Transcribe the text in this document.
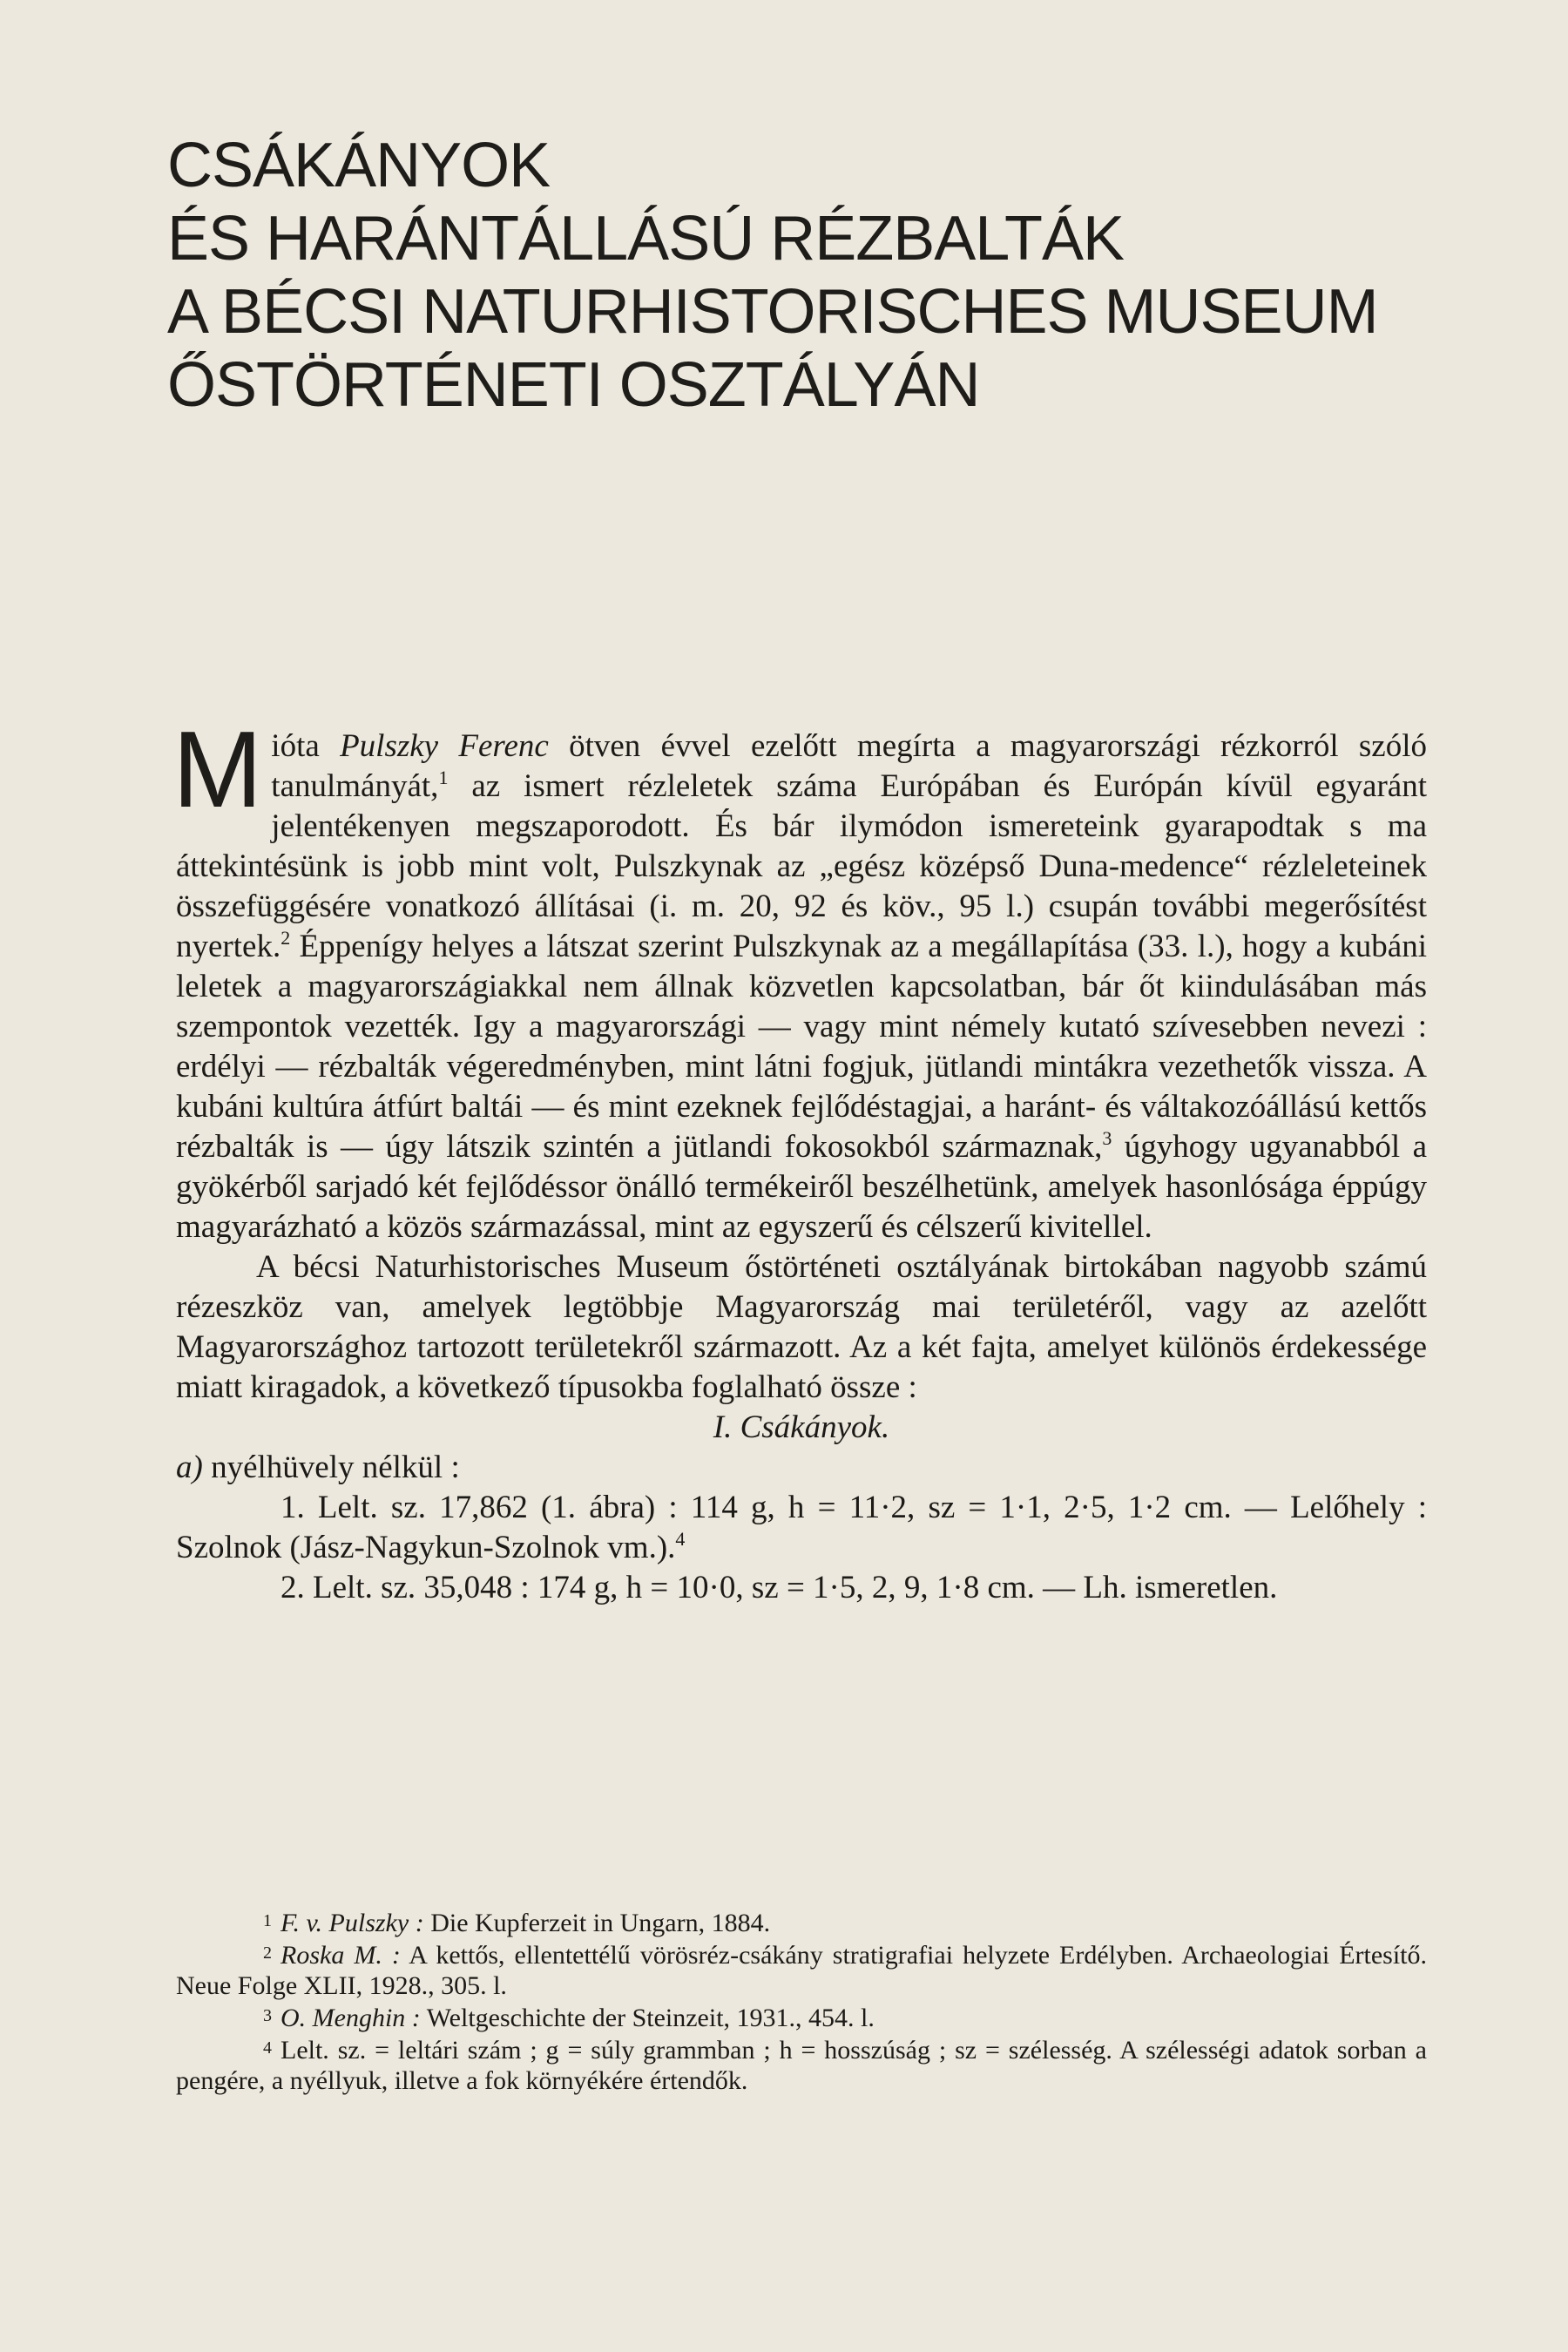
CSÁKÁNYOK
ÉS HARÁNTÁLLÁSÚ RÉZBALTÁK
A BÉCSI NATURHISTORISCHES MUSEUM
ŐSTÖRTÉNETI OSZTÁLYÁN

Mióta Pulszky Ferenc ötven évvel ezelőtt megírta a magyarországi rézkorról szóló tanulmányát,$^1$ az ismert rézleletek száma Európában és Európán kívül egyaránt jelentékenyen megszaporodott. És bár ilymódon ismereteink gyarapodtak s ma áttekintésünk is jobb mint volt, Pulszkynak az „egész középső Duna-medence“ rézleleteinek összefüggésére vonatkozó állításai (i. m. 20, 92 és köv., 95 l.) csupán további megerősítést nyertek.$^2$ Éppenígy helyes a látszat szerint Pulszkynak az a megállapítása (33. l.), hogy a kubáni leletek a magyarországiakkal nem állnak közvetlen kapcsolatban, bár őt kiindulásában más szempontok vezették. Igy a magyarországi — vagy mint némely kutató szívesebben nevezi : erdélyi — rézbalták végeredményben, mint látni fogjuk, jütlandi mintákra vezethetők vissza. A kubáni kultúra átfúrt baltái — és mint ezeknek fejlődéstagjai, a haránt- és váltakozóállású kettős rézbalták is — úgy látszik szintén a jütlandi fokosokból származnak,$^3$ úgyhogy ugyanabból a gyökérből sarjadó két fejlődéssor önálló termékeiről beszélhetünk, amelyek hasonlósága éppúgy magyarázható a közös származással, mint az egyszerű és célszerű kivitellel.

A bécsi Naturhistorisches Museum őstörténeti osztályának birtokában nagyobb számú rézeszköz van, amelyek legtöbbje Magyarország mai területéről, vagy az azelőtt Magyarországhoz tartozott területekről származott. Az a két fajta, amelyet különös érdekessége miatt kiragadok, a következő típusokba foglalható össze :

I. Csákányok.

a) nyélhüvely nélkül :

1. Lelt. sz. 17,862 (1. ábra) : 114 g, h = 11·2, sz = 1·1, 2·5, 1·2 cm. — Lelőhely : Szolnok (Jász-Nagykun-Szolnok vm.).$^4$

2. Lelt. sz. 35,048 : 174 g, h = 10·0, sz = 1·5, 2, 9, 1·8 cm. — Lh. ismeretlen.

$^1$ F. v. Pulszky : Die Kupferzeit in Ungarn, 1884.

$^2$ Roska M. : A kettős, ellentettélű vörösréz-csákány stratigrafiai helyzete Erdélyben. Archaeologiai Értesítő. Neue Folge XLII, 1928., 305. l.

$^3$ O. Menghin : Weltgeschichte der Steinzeit, 1931., 454. l.

$^4$ Lelt. sz. = leltári szám ; g = súly grammban ; h = hosszúság ; sz = szélesség. A szélességi adatok sorban a pengére, a nyéllyuk, illetve a fok környékére értendők.
